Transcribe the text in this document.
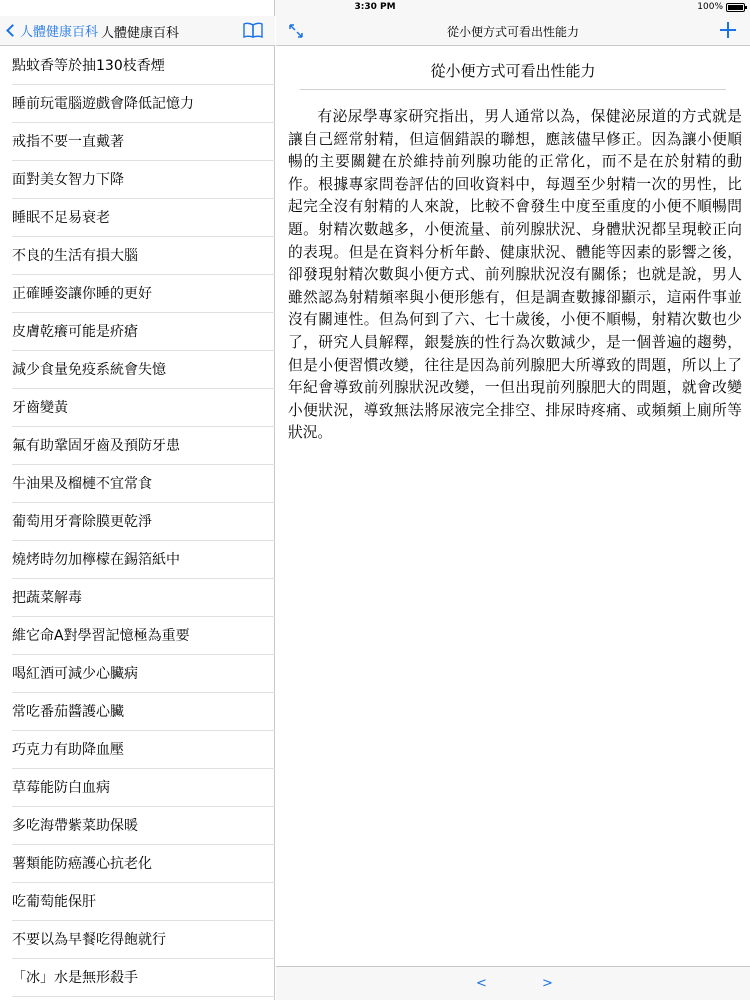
3:30 PM	100%
人體健康百科 人體健康百科
點蚊香等於抽130枝香煙
睡前玩電腦遊戲會降低記憶力
戒指不要一直戴著
面對美女智力下降
睡眠不足易衰老
不良的生活有損大腦
正確睡姿讓你睡的更好
皮膚乾癢可能是疥瘡
減少食量免疫系統會失憶
牙齒變黃
氟有助鞏固牙齒及預防牙患
牛油果及榴槤不宜常食
葡萄用牙膏除膜更乾淨
燒烤時勿加檸檬在錫箔紙中
把蔬菜解毒
維它命A對學習記憶極為重要
喝紅酒可減少心臟病
常吃番茄醬護心臟
巧克力有助降血壓
草莓能防白血病
多吃海帶紫菜助保暖
薯類能防癌護心抗老化
吃葡萄能保肝
不要以為早餐吃得飽就行
「冰」水是無形殺手
從小便方式可看出性能力
從小便方式可看出性能力

有泌尿學專家研究指出，男人通常以為，保健泌尿道的方式就是讓自己經常射精，但這個錯誤的聯想，應該儘早修正。因為讓小便順暢的主要關鍵在於維持前列腺功能的正常化，而不是在於射精的動作。根據專家問卷評估的回收資料中，每週至少射精一次的男性，比起完全沒有射精的人來說，比較不會發生中度至重度的小便不順暢問題。射精次數越多，小便流量、前列腺狀況、身體狀況都呈現較正向的表現。但是在資料分析年齡、健康狀況、體能等因素的影響之後，卻發現射精次數與小便方式、前列腺狀況沒有關係；也就是說，男人雖然認為射精頻率與小便形態有，但是調查數據卻顯示，這兩件事並沒有關連性。但為何到了六、七十歲後，小便不順暢，射精次數也少了，研究人員解釋，銀髮族的性行為次數減少，是一個普遍的趨勢，但是小便習慣改變，往往是因為前列腺肥大所導致的問題，所以上了年紀會導致前列腺狀況改變，一但出現前列腺肥大的問題，就會改變小便狀況，導致無法將尿液完全排空、排尿時疼痛、或頻頻上廁所等狀況。

<	>
